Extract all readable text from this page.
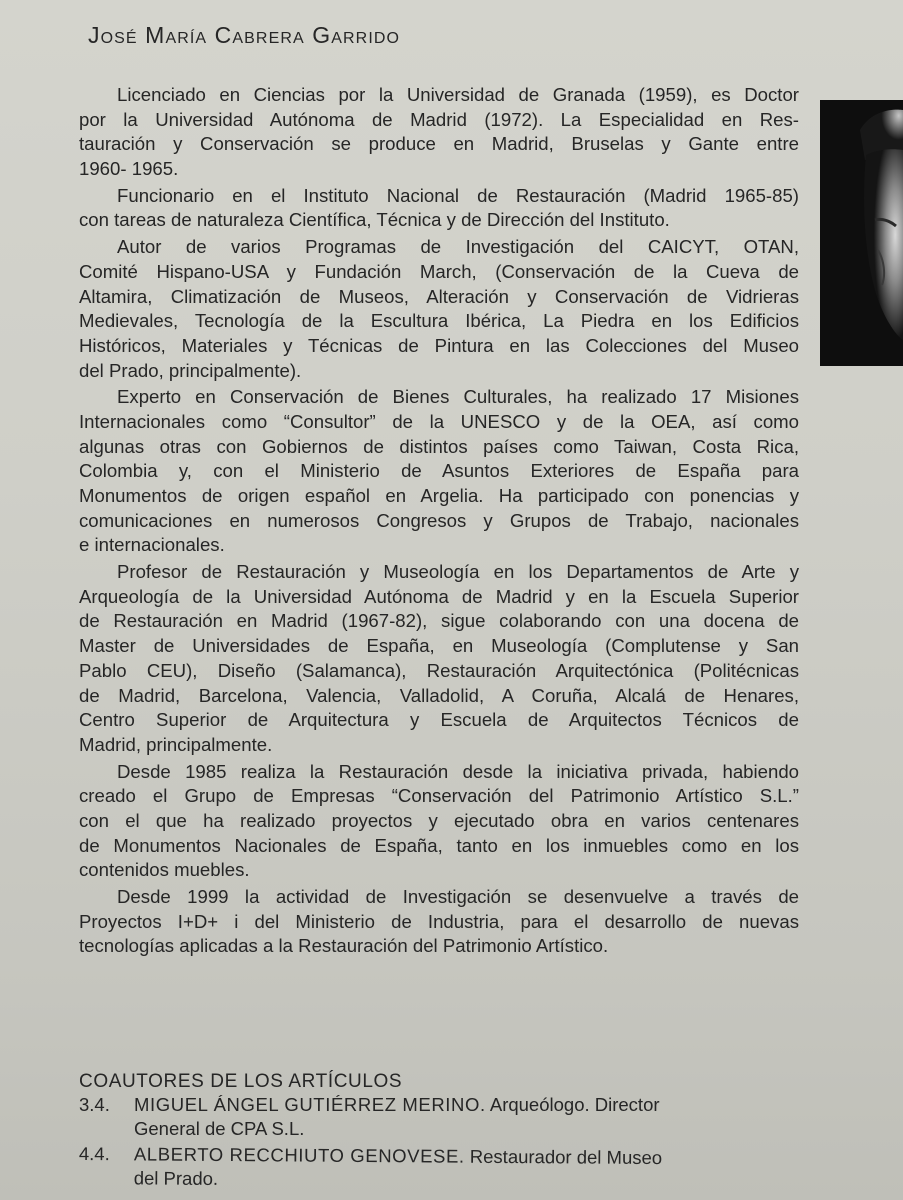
José María Cabrera Garrido
Licenciado en Ciencias por la Universidad de Granada (1959), es Doctor
por la Universidad Autónoma de Madrid (1972). La Especialidad en Res-
tauración y Conservación se produce en Madrid, Bruselas y Gante entre
1960- 1965.
Funcionario en el Instituto Nacional de Restauración (Madrid 1965-85)
con tareas de naturaleza Científica, Técnica y de Dirección del Instituto.
Autor de varios Programas de Investigación del CAICYT, OTAN,
Comité Hispano-USA y Fundación March, (Conservación de la Cueva de
Altamira, Climatización de Museos, Alteración y Conservación de Vidrieras
Medievales, Tecnología de la Escultura Ibérica, La Piedra en los Edificios
Históricos, Materiales y Técnicas de Pintura en las Colecciones del Museo
del Prado, principalmente).
Experto en Conservación de Bienes Culturales, ha realizado 17 Misiones
Internacionales como “Consultor” de la UNESCO y de la OEA, así como
algunas otras con Gobiernos de distintos países como Taiwan, Costa Rica,
Colombia y, con el Ministerio de Asuntos Exteriores de España para
Monumentos de origen español en Argelia. Ha participado con ponencias y
comunicaciones en numerosos Congresos y Grupos de Trabajo, nacionales
e internacionales.
Profesor de Restauración y Museología en los Departamentos de Arte y
Arqueología de la Universidad Autónoma de Madrid y en la Escuela Superior
de Restauración en Madrid (1967-82), sigue colaborando con una docena de
Master de Universidades de España, en Museología (Complutense y San
Pablo CEU), Diseño (Salamanca), Restauración Arquitectónica (Politécnicas
de Madrid, Barcelona, Valencia, Valladolid, A Coruña, Alcalá de Henares,
Centro Superior de Arquitectura y Escuela de Arquitectos Técnicos de
Madrid, principalmente.
Desde 1985 realiza la Restauración desde la iniciativa privada, habiendo
creado el Grupo de Empresas “Conservación del Patrimonio Artístico S.L.”
con el que ha realizado proyectos y ejecutado obra en varios centenares
de Monumentos Nacionales de España, tanto en los inmuebles como en los
contenidos muebles.
Desde 1999 la actividad de Investigación se desenvuelve a través de
Proyectos I+D+ i del Ministerio de Industria, para el desarrollo de nuevas
tecnologías aplicadas a la Restauración del Patrimonio Artístico.
COAUTORES DE LOS ARTÍCULOS
3.4. MIGUEL ÁNGEL GUTIÉRREZ MERINO. Arqueólogo. Director
General de CPA S.L.
4.4. ALBERTO RECCHIUTO GENOVESE. Restaurador del Museo
del Prado.
